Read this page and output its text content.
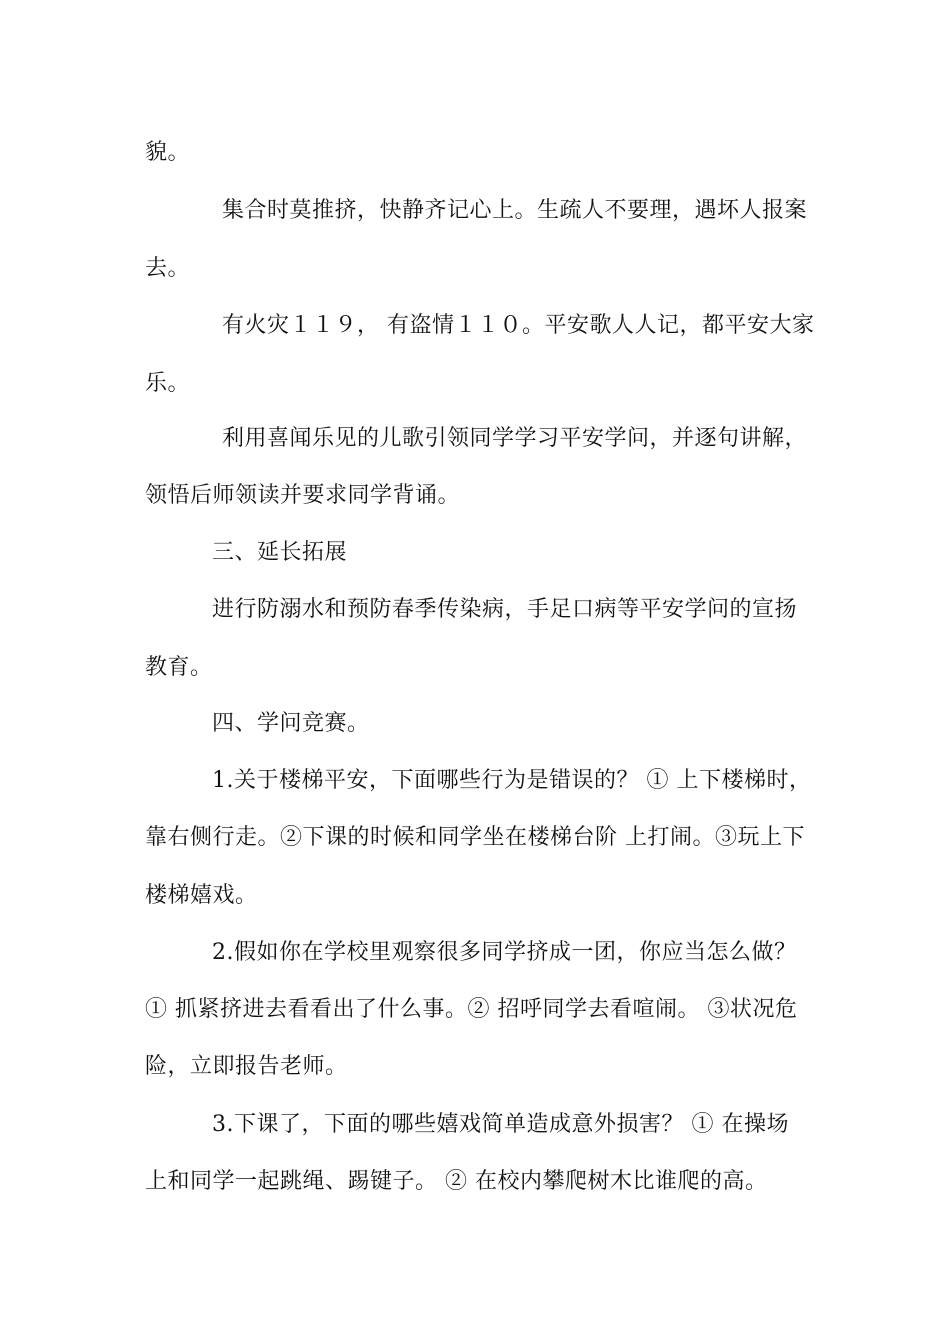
貌。
集合时莫推挤，快静齐记心上。生疏人不要理，遇坏人报案
去。
有火灾１１９， 有盗情１１０。平安歌人人记，都平安大家
乐。
利用喜闻乐见的儿歌引领同学学习平安学问，并逐句讲解，
领悟后师领读并要求同学背诵。
三、延长拓展
进行防溺水和预防春季传染病，手足口病等平安学问的宣扬
教育。
四、学问竞赛。
1.关于楼梯平安，下面哪些行为是错误的？ ① 上下楼梯时，
靠右侧行走。②下课的时候和同学坐在楼梯台阶 上打闹。③玩上下
楼梯嬉戏。
2.假如你在学校里观察很多同学挤成一团，你应当怎么做？
① 抓紧挤进去看看出了什么事。② 招呼同学去看喧闹。 ③状况危
险，立即报告老师。
3.下课了，下面的哪些嬉戏简单造成意外损害？ ① 在操场
上和同学一起跳绳、踢键子。 ② 在校内攀爬树木比谁爬的高。
